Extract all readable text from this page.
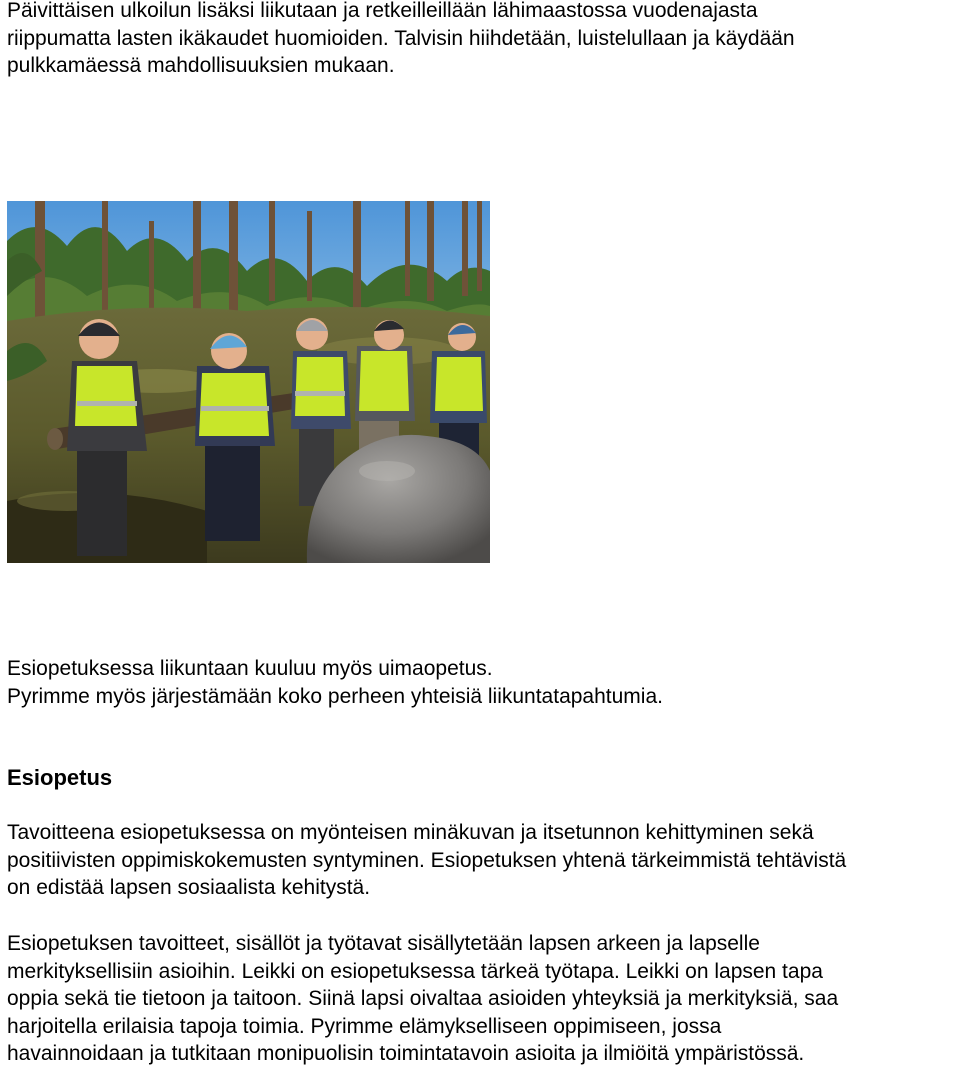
Päivittäisen ulkoilun lisäksi liikutaan ja retkeilleillään lähimaastossa vuodenajasta
riippumatta lasten ikäkaudet huomioiden. Talvisin hiihdetään, luistelullaan ja käydään
pulkkamäessä mahdollisuuksien mukaan.

Esiopetuksessa liikuntaan kuuluu myös uimaopetus.
Pyrimme myös järjestämään koko perheen yhteisiä liikuntatapahtumia.

Esiopetus

Tavoitteena esiopetuksessa on myönteisen minäkuvan ja itsetunnon kehittyminen sekä
positiivisten oppimiskokemusten syntyminen. Esiopetuksen yhtenä tärkeimmistä tehtävistä
on edistää lapsen sosiaalista kehitystä.

Esiopetuksen tavoitteet, sisällöt ja työtavat sisällytetään lapsen arkeen ja lapselle
merkityksellisiin asioihin. Leikki on esiopetuksessa tärkeä työtapa. Leikki on lapsen tapa
oppia sekä tie tietoon ja taitoon. Siinä lapsi oivaltaa asioiden yhteyksiä ja merkityksiä, saa
harjoitella erilaisia tapoja toimia. Pyrimme elämykselliseen oppimiseen, jossa
havainnoidaan ja tutkitaan monipuolisin toimintatavoin asioita ja ilmiöitä ympäristössä.
